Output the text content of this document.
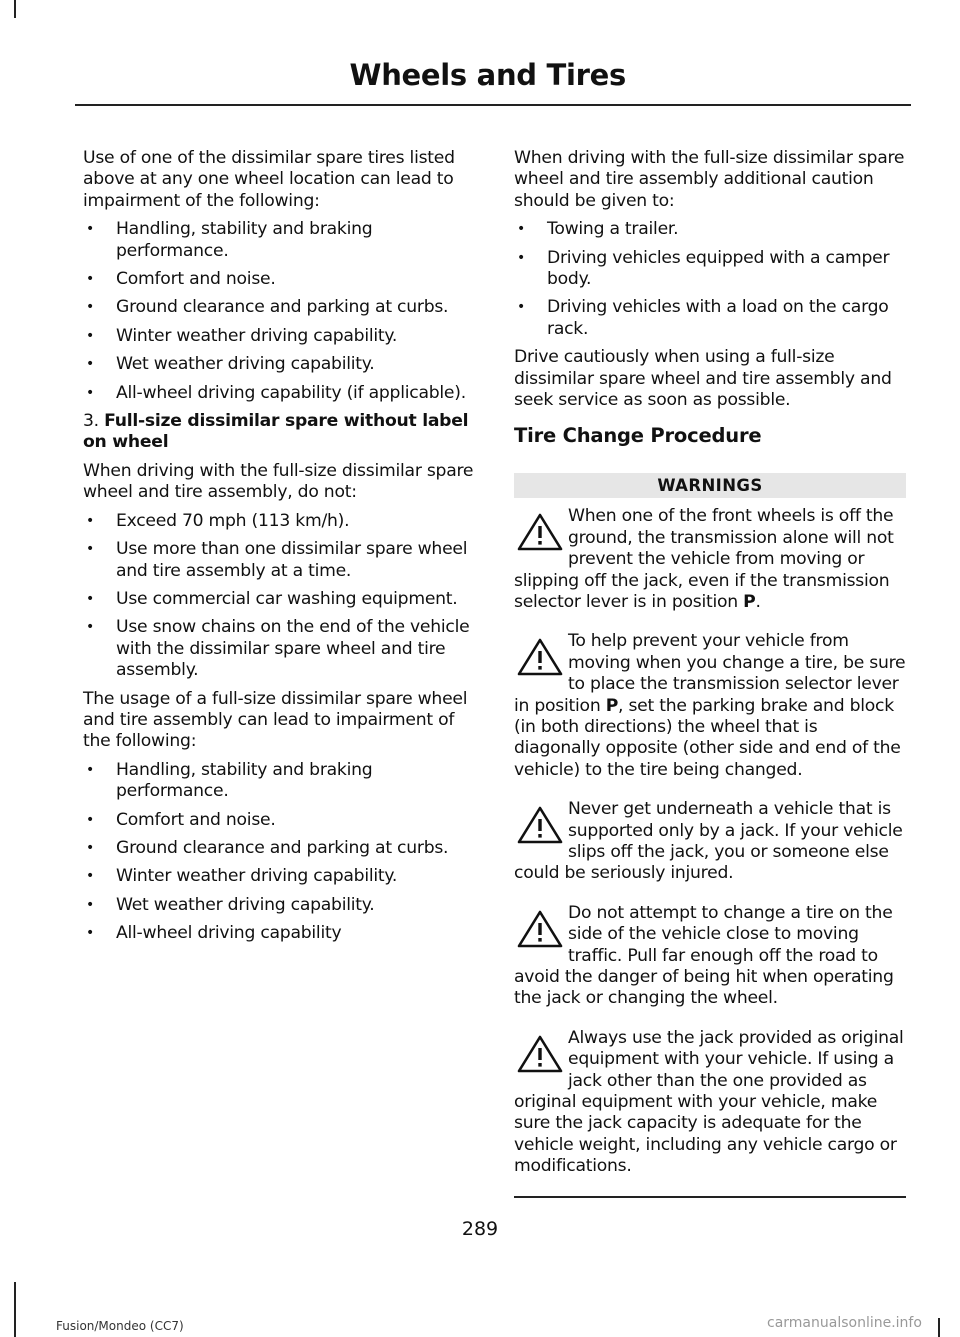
Wheels and Tires

Use of one of the dissimilar spare tires listed above at any one wheel location can lead to impairment of the following:

• Handling, stability and braking performance.
• Comfort and noise.
• Ground clearance and parking at curbs.
• Winter weather driving capability.
• Wet weather driving capability.
• All-wheel driving capability (if applicable).

3. Full-size dissimilar spare without label on wheel

When driving with the full-size dissimilar spare wheel and tire assembly, do not:

• Exceed 70 mph (113 km/h).
• Use more than one dissimilar spare wheel and tire assembly at a time.
• Use commercial car washing equipment.
• Use snow chains on the end of the vehicle with the dissimilar spare wheel and tire assembly.

The usage of a full-size dissimilar spare wheel and tire assembly can lead to impairment of the following:

• Handling, stability and braking performance.
• Comfort and noise.
• Ground clearance and parking at curbs.
• Winter weather driving capability.
• Wet weather driving capability.
• All-wheel driving capability

When driving with the full-size dissimilar spare wheel and tire assembly additional caution should be given to:

• Towing a trailer.
• Driving vehicles equipped with a camper body.
• Driving vehicles with a load on the cargo rack.

Drive cautiously when using a full-size dissimilar spare wheel and tire assembly and seek service as soon as possible.

Tire Change Procedure
WARNINGS
When one of the front wheels is off the ground, the transmission alone will not prevent the vehicle from moving or slipping off the jack, even if the transmission selector lever is in position P.
To help prevent your vehicle from moving when you change a tire, be sure to place the transmission selector lever in position P, set the parking brake and block (in both directions) the wheel that is diagonally opposite (other side and end of the vehicle) to the tire being changed.
Never get underneath a vehicle that is supported only by a jack. If your vehicle slips off the jack, you or someone else could be seriously injured.
Do not attempt to change a tire on the side of the vehicle close to moving traffic. Pull far enough off the road to avoid the danger of being hit when operating the jack or changing the wheel.
Always use the jack provided as original equipment with your vehicle. If using a jack other than the one provided as original equipment with your vehicle, make sure the jack capacity is adequate for the vehicle weight, including any vehicle cargo or modifications.
289
Fusion/Mondeo (CC7)	carmanualsonline.info
